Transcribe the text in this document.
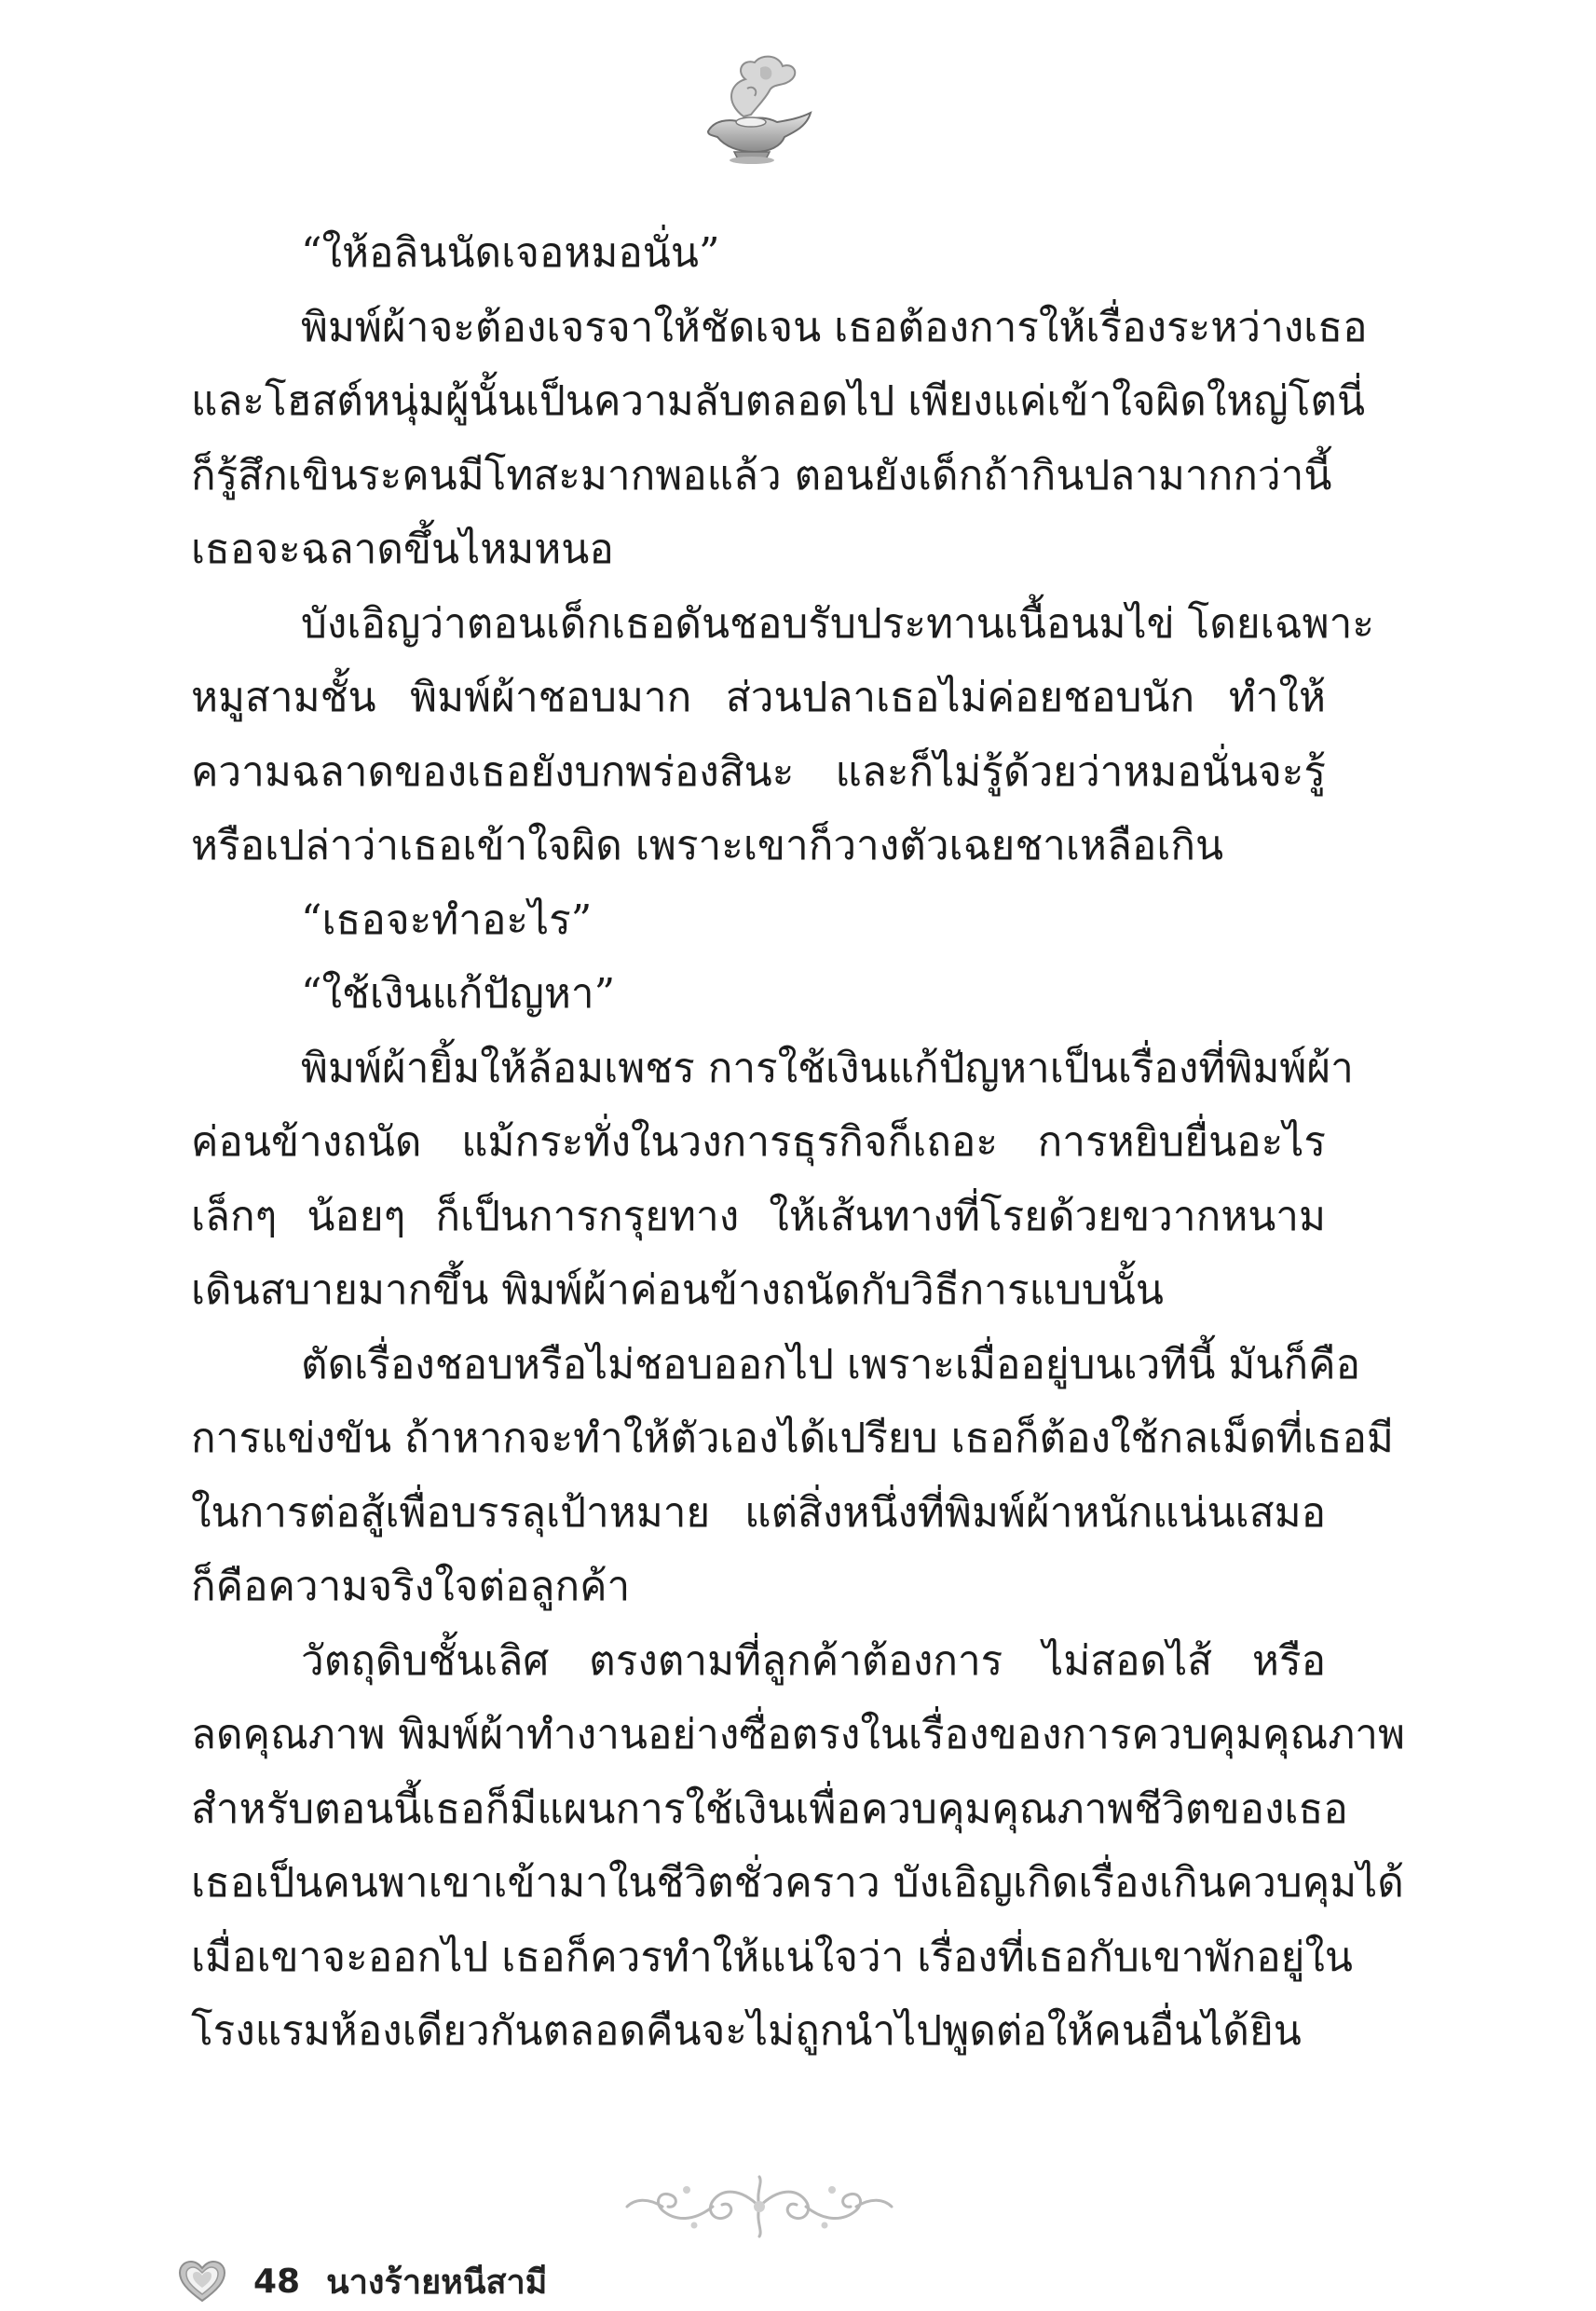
“ให้อลินนัดเจอหมอนั่น”
พิมพ์ผ้าจะต้องเจรจาให้ชัดเจน เธอต้องการให้เรื่องระหว่างเธอ
และโฮสต์หนุ่มผู้นั้นเป็นความลับตลอดไป เพียงแค่เข้าใจผิดใหญ่โตนี่
ก็รู้สึกเขินระคนมีโทสะมากพอแล้ว ตอนยังเด็กถ้ากินปลามากกว่านี้
เธอจะฉลาดขึ้นไหมหนอ
บังเอิญว่าตอนเด็กเธอดันชอบรับประทานเนื้อนมไข่ โดยเฉพาะ
หมูสามชั้น พิมพ์ผ้าชอบมาก ส่วนปลาเธอไม่ค่อยชอบนัก ทำให้
ความฉลาดของเธอยังบกพร่องสินะ และก็ไม่รู้ด้วยว่าหมอนั่นจะรู้
หรือเปล่าว่าเธอเข้าใจผิด เพราะเขาก็วางตัวเฉยชาเหลือเกิน
“เธอจะทำอะไร”
“ใช้เงินแก้ปัญหา”
พิมพ์ผ้ายิ้มให้ล้อมเพชร การใช้เงินแก้ปัญหาเป็นเรื่องที่พิมพ์ผ้า
ค่อนข้างถนัด แม้กระทั่งในวงการธุรกิจก็เถอะ การหยิบยื่นอะไร
เล็กๆ น้อยๆ ก็เป็นการกรุยทาง ให้เส้นทางที่โรยด้วยขวากหนาม
เดินสบายมากขึ้น พิมพ์ผ้าค่อนข้างถนัดกับวิธีการแบบนั้น
ตัดเรื่องชอบหรือไม่ชอบออกไป เพราะเมื่ออยู่บนเวทีนี้ มันก็คือ
การแข่งขัน ถ้าหากจะทำให้ตัวเองได้เปรียบ เธอก็ต้องใช้กลเม็ดที่เธอมี
ในการต่อสู้เพื่อบรรลุเป้าหมาย แต่สิ่งหนึ่งที่พิมพ์ผ้าหนักแน่นเสมอ
ก็คือความจริงใจต่อลูกค้า
วัตถุดิบชั้นเลิศ ตรงตามที่ลูกค้าต้องการ ไม่สอดไส้ หรือ
ลดคุณภาพ พิมพ์ผ้าทำงานอย่างซื่อตรงในเรื่องของการควบคุมคุณภาพ
สำหรับตอนนี้เธอก็มีแผนการใช้เงินเพื่อควบคุมคุณภาพชีวิตของเธอ
เธอเป็นคนพาเขาเข้ามาในชีวิตชั่วคราว บังเอิญเกิดเรื่องเกินควบคุมได้
เมื่อเขาจะออกไป เธอก็ควรทำให้แน่ใจว่า เรื่องที่เธอกับเขาพักอยู่ใน
โรงแรมห้องเดียวกันตลอดคืนจะไม่ถูกนำไปพูดต่อให้คนอื่นได้ยิน
48 นางร้ายหนีสามี
